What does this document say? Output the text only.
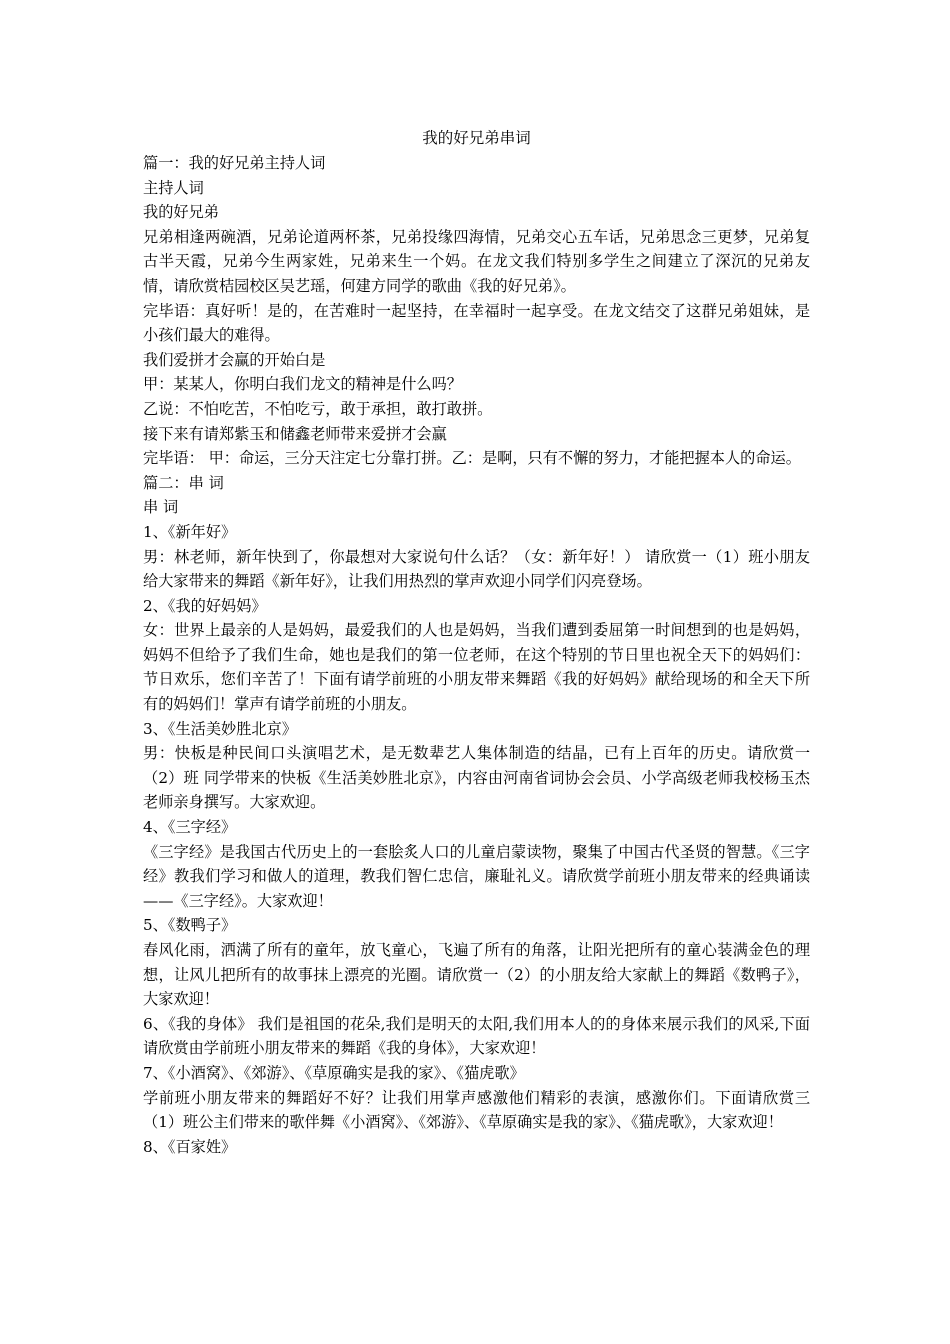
我的好兄弟串词

篇一：我的好兄弟主持人词

主持人词

我的好兄弟

兄弟相逢两碗酒，兄弟论道两杯茶，兄弟投缘四海情，兄弟交心五车话，兄弟思念三更梦，兄弟复古半天霞，兄弟今生两家姓，兄弟来生一个妈。在龙文我们特别多学生之间建立了深沉的兄弟友情，请欣赏桔园校区吴艺瑶，何建方同学的歌曲《我的好兄弟》。

完毕语：真好听！是的，在苦难时一起坚持，在幸福时一起享受。在龙文结交了这群兄弟姐妹，是小孩们最大的难得。

我们爱拼才会赢的开始白是

甲：某某人，你明白我们龙文的精神是什么吗？

乙说：不怕吃苦，不怕吃亏，敢于承担，敢打敢拼。

接下来有请郑紫玉和储鑫老师带来爱拼才会赢

完毕语： 甲：命运，三分天注定七分靠打拼。乙：是啊，只有不懈的努力，才能把握本人的命运。

篇二：串 词

串 词

1、《新年好》

男：林老师，新年快到了，你最想对大家说句什么话？（女：新年好！） 请欣赏一（1）班小朋友给大家带来的舞蹈《新年好》，让我们用热烈的掌声欢迎小同学们闪亮登场。

2、《我的好妈妈》

女：世界上最亲的人是妈妈，最爱我们的人也是妈妈，当我们遭到委屈第一时间想到的也是妈妈，妈妈不但给予了我们生命，她也是我们的第一位老师，在这个特别的节日里也祝全天下的妈妈们：节日欢乐，您们辛苦了！下面有请学前班的小朋友带来舞蹈《我的好妈妈》献给现场的和全天下所有的妈妈们！掌声有请学前班的小朋友。

3、《生活美妙胜北京》

男：快板是种民间口头演唱艺术，是无数辈艺人集体制造的结晶，已有上百年的历史。请欣赏一（2）班 同学带来的快板《生活美妙胜北京》，内容由河南省词协会会员、小学高级老师我校杨玉杰老师亲身撰写。大家欢迎。

4、《三字经》

《三字经》是我国古代历史上的一套脍炙人口的儿童启蒙读物，聚集了中国古代圣贤的智慧。《三字经》教我们学习和做人的道理，教我们智仁忠信，廉耻礼义。请欣赏学前班小朋友带来的经典诵读——《三字经》。大家欢迎！

5、《数鸭子》

春风化雨，洒满了所有的童年，放飞童心，飞遍了所有的角落，让阳光把所有的童心装满金色的理想，让风儿把所有的故事抹上漂亮的光圈。请欣赏一（2）的小朋友给大家献上的舞蹈《数鸭子》，大家欢迎！

6、《我的身体》 我们是祖国的花朵,我们是明天的太阳,我们用本人的的身体来展示我们的风采,下面请欣赏由学前班小朋友带来的舞蹈《我的身体》，大家欢迎！

7、《小酒窝》、《郊游》、《草原确实是我的家》、《猫虎歌》

学前班小朋友带来的舞蹈好不好？让我们用掌声感激他们精彩的表演，感激你们。下面请欣赏三（1）班公主们带来的歌伴舞《小酒窝》、《郊游》、《草原确实是我的家》、《猫虎歌》，大家欢迎！

8、《百家姓》
